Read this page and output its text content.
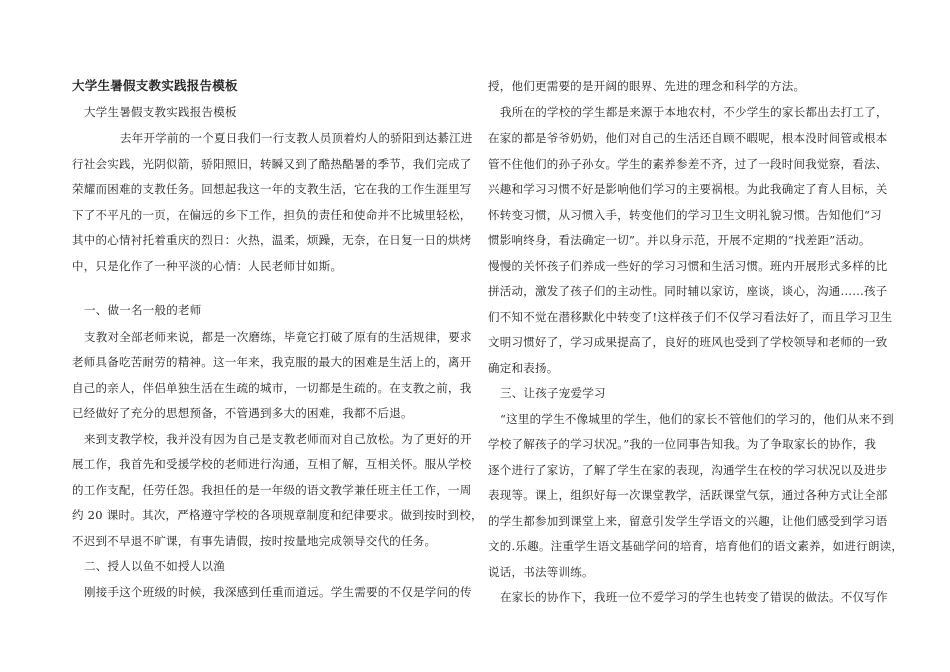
大学生暑假支教实践报告模板
大学生暑假支教实践报告模板
去年开学前的一个夏日我们一行支教人员顶着灼人的骄阳到达綦江进
行社会实践，光阴似箭，骄阳照旧，转瞬又到了酷热酷暑的季节，我们完成了
荣耀而困难的支教任务。回想起我这一年的支教生活，它在我的工作生涯里写
下了不平凡的一页，在偏远的乡下工作，担负的责任和使命并不比城里轻松，
其中的心情衬托着重庆的烈日：火热，温柔，烦躁，无奈，在日复一日的烘烤
中，只是化作了一种平淡的心情：人民老师甘如斯。
一、做一名一般的老师
支教对全部老师来说，都是一次磨练，毕竟它打破了原有的生活规律，要求
老师具备吃苦耐劳的精神。这一年来，我克服的最大的困难是生活上的，离开
自己的亲人，伴侣单独生活在生疏的城市，一切都是生疏的。在支教之前，我
已经做好了充分的思想预备，不管遇到多大的困难，我都不后退。
来到支教学校，我并没有因为自己是支教老师而对自己放松。为了更好的开
展工作，我首先和受援学校的老师进行沟通，互相了解，互相关怀。服从学校
的工作支配，任劳任怨。我担任的是一年级的语文教学兼任班主任工作，一周
约 20 课时。其次，严格遵守学校的各项规章制度和纪律要求。做到按时到校，
不迟到不早退不旷课，有事先请假，按时按量地完成领导交代的任务。
二、授人以鱼不如授人以渔
刚接手这个班级的时候，我深感到任重而道远。学生需要的不仅是学问的传
授，他们更需要的是开阔的眼界、先进的理念和科学的方法。
我所在的学校的学生都是来源于本地农村，不少学生的家长都出去打工了，
在家的都是爷爷奶奶，他们对自己的生活还自顾不暇呢，根本没时间管或根本
管不住他们的孙子孙女。学生的素养参差不齐，过了一段时间我觉察，看法、
兴趣和学习习惯不好是影响他们学习的主要祸根。为此我确定了育人目标，关
怀转变习惯，从习惯入手，转变他们的学习卫生文明礼貌习惯。告知他们“习
惯影响终身，看法确定一切”。并以身示范，开展不定期的“找差距”活动。
慢慢的关怀孩子们养成一些好的学习习惯和生活习惯。班内开展形式多样的比
拼活动，激发了孩子们的主动性。同时辅以家访，座谈，谈心，沟通……孩子
们不知不觉在潜移默化中转变了!这样孩子们不仅学习看法好了，而且学习卫生
文明习惯好了，学习成果提高了，良好的班风也受到了学校领导和老师的一致
确定和表扬。
三、让孩子宠爱学习
“这里的学生不像城里的学生，他们的家长不管他们的学习的，他们从来不到
学校了解孩子的学习状况。”我的一位同事告知我。为了争取家长的协作，我
逐个进行了家访，了解了学生在家的表现，沟通学生在校的学习状况以及进步
表现等。课上，组织好每一次课堂教学，活跃课堂气氛，通过各种方式让全部
的学生都参加到课堂上来，留意引发学生学语文的兴趣，让他们感受到学习语
文的.乐趣。注重学生语文基础学问的培育，培育他们的语文素养，如进行朗读，
说话，书法等训练。
在家长的协作下，我班一位不爱学习的学生也转变了错误的做法。不仅写作
